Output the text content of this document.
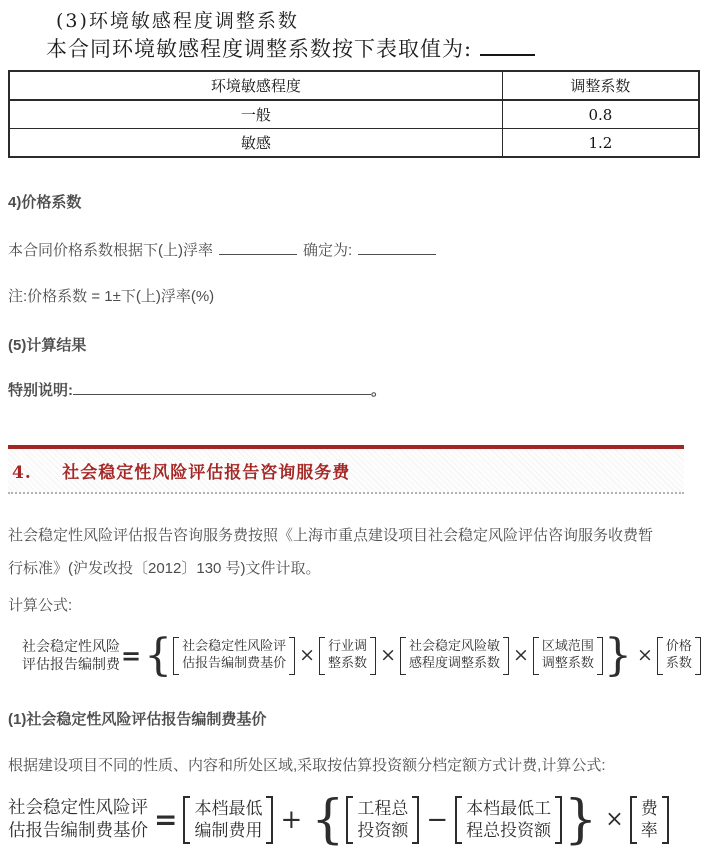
(3)环境敏感程度调整系数
本合同环境敏感程度调整系数按下表取值为:
环境敏感程度	调整系数
一般	0.8
敏感	1.2
4)价格系数
本合同价格系数根据下(上)浮率	确定为:
注:价格系数 = 1±下(上)浮率(%)
(5)计算结果
特别说明:	。
4. 社会稳定性风险评估报告咨询服务费
社会稳定性风险评估报告咨询服务费按照《上海市重点建设项目社会稳定风险评估咨询服务收费暂
行标准》(沪发改投〔2012〕130 号)文件计取。
计算公式:
社会稳定性风险
评估报告编制费 = { 社会稳定性风险评
估报告编制费基价 × 行业调
整系数 × 社会稳定风险敏
感程度调整系数 × 区域范围
调整系数 } × 价格
系数
(1)社会稳定性风险评估报告编制费基价
根据建设项目不同的性质、内容和所处区域,采取按估算投资额分档定额方式计费,计算公式:
社会稳定性风险评
估报告编制费基价 = 本档最低
编制费用 + { 工程总
投资额 − 本档最低工
程总投资额 } × 费
率
